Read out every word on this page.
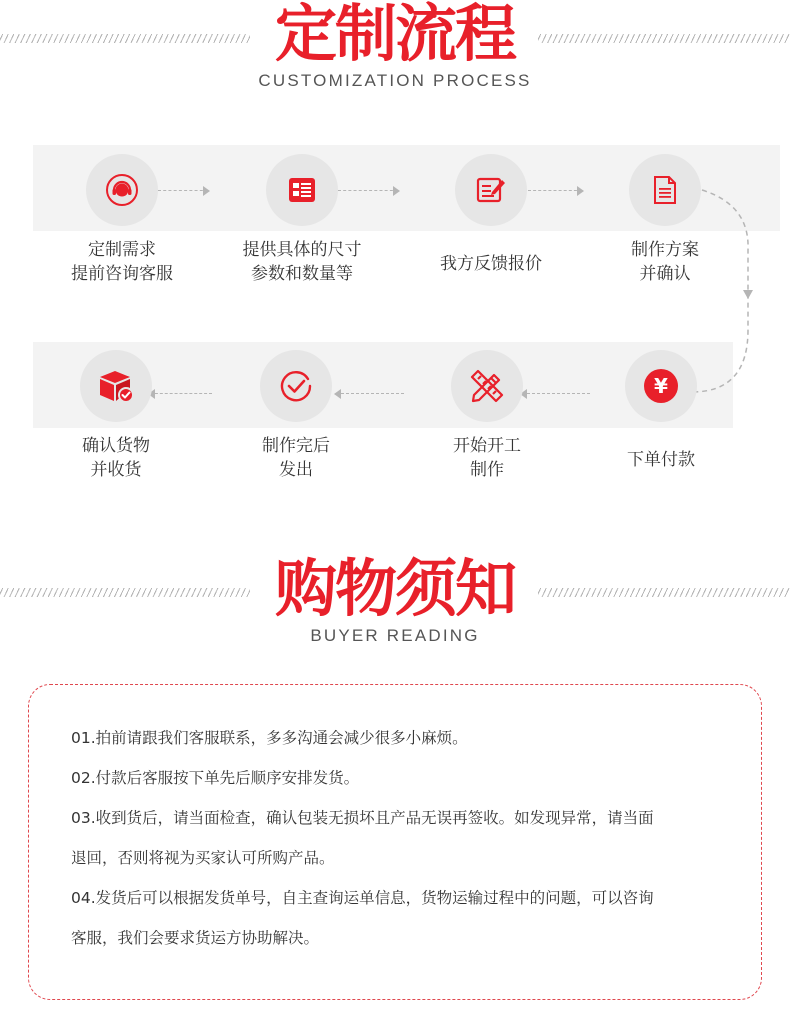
定制流程
CUSTOMIZATION PROCESS
定制需求
提前咨询客服
提供具体的尺寸
参数和数量等	我方反馈报价
制作方案
并确认
¥
下单付款
开始开工
制作
制作完后
发出
确认货物
并收货
购物须知
BUYER READING

01.拍前请跟我们客服联系，多多沟通会减少很多小麻烦。

02.付款后客服按下单先后顺序安排发货。

03.收到货后，请当面检查，确认包装无损坏且产品无误再签收。如发现异常，请当面

退回，否则将视为买家认可所购产品。

04.发货后可以根据发货单号，自主查询运单信息，货物运输过程中的问题，可以咨询

客服，我们会要求货运方协助解决。
